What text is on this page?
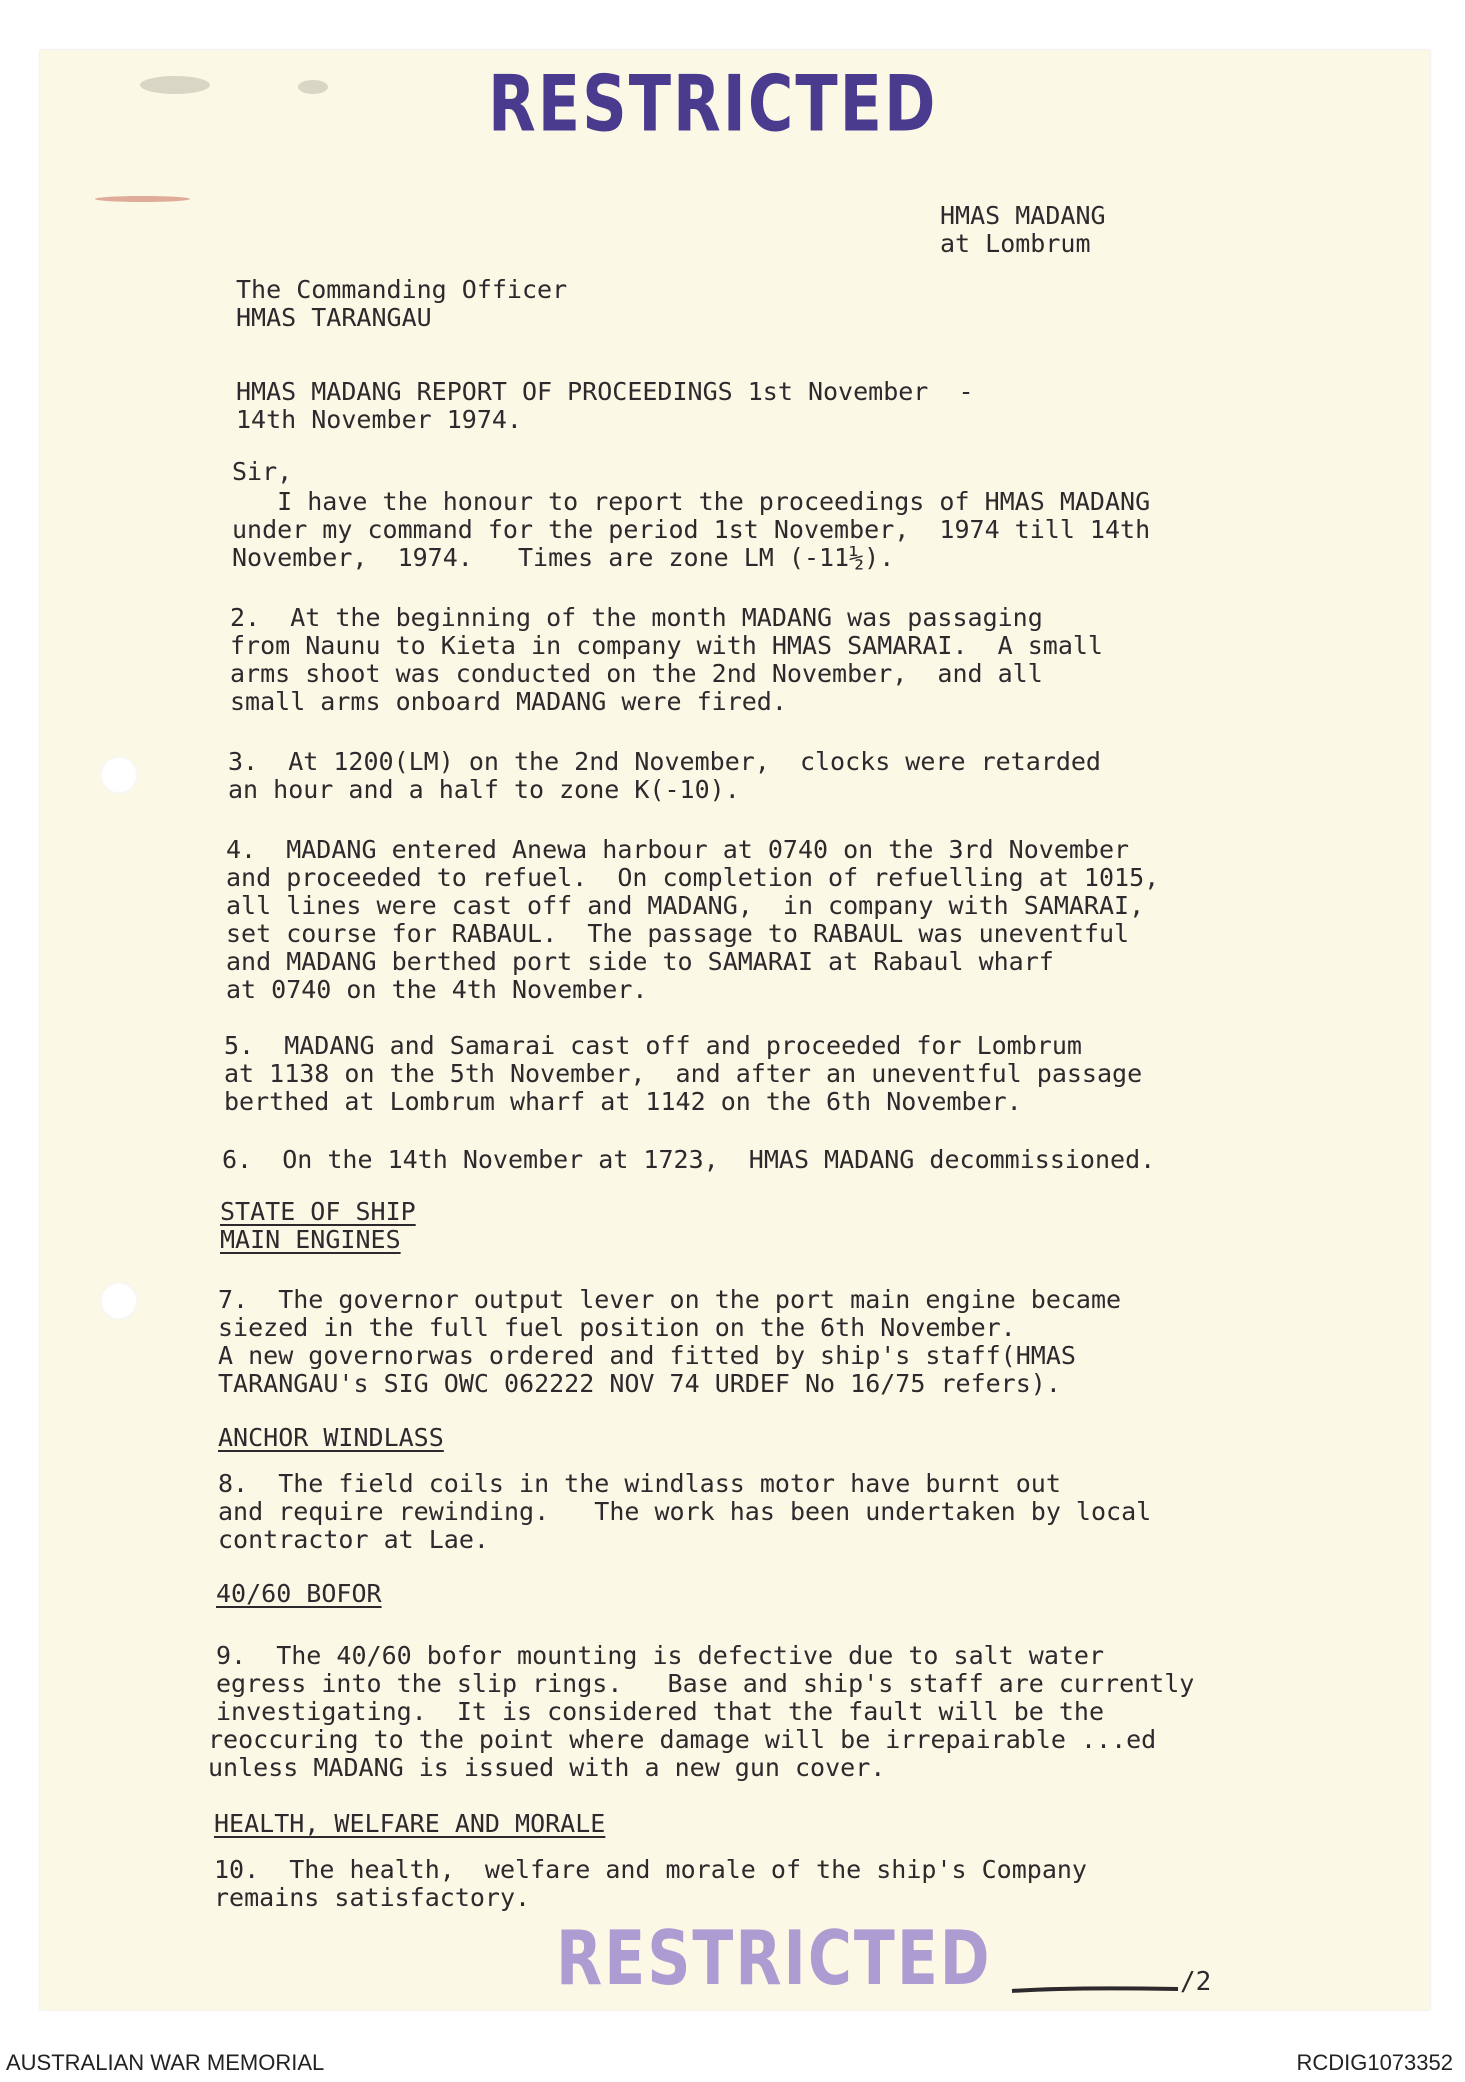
RESTRICTED
RESTRICTED

HMAS MADANG

at Lombrum

The Commanding Officer

HMAS TARANGAU

HMAS MADANG REPORT OF PROCEEDINGS 1st November  -

14th November 1974.

Sir,

I have the honour to report the proceedings of HMAS MADANG

under my command for the period 1st November,  1974 till 14th

November,  1974.   Times are zone LM (-11½).

2.  At the beginning of the month MADANG was passaging

from Naunu to Kieta in company with HMAS SAMARAI.  A small

arms shoot was conducted on the 2nd November,  and all

small arms onboard MADANG were fired.

3.  At 1200(LM) on the 2nd November,  clocks were retarded

an hour and a half to zone K(-10).

4.  MADANG entered Anewa harbour at 0740 on the 3rd November

and proceeded to refuel.  On completion of refuelling at 1015,

all lines were cast off and MADANG,  in company with SAMARAI,

set course for RABAUL.  The passage to RABAUL was uneventful

and MADANG berthed port side to SAMARAI at Rabaul wharf

at 0740 on the 4th November.

5.  MADANG and Samarai cast off and proceeded for Lombrum

at 1138 on the 5th November,  and after an uneventful passage

berthed at Lombrum wharf at 1142 on the 6th November.

6.  On the 14th November at 1723,  HMAS MADANG decommissioned.

STATE OF SHIP

MAIN ENGINES

7.  The governor output lever on the port main engine became

siezed in the full fuel position on the 6th November.

A new governorwas ordered and fitted by ship's staff(HMAS

TARANGAU's SIG OWC 062222 NOV 74 URDEF No 16/75 refers).

ANCHOR WINDLASS

8.  The field coils in the windlass motor have burnt out

and require rewinding.   The work has been undertaken by local

contractor at Lae.

40/60 BOFOR

9.  The 40/60 bofor mounting is defective due to salt water

egress into the slip rings.   Base and ship's staff are currently

investigating.  It is considered that the fault will be the

reoccuring to the point where damage will be irrepairable ...ed

unless MADANG is issued with a new gun cover.

HEALTH, WELFARE AND MORALE

10.  The health,  welfare and morale of the ship's Company

remains satisfactory.

/2

AUSTRALIAN WAR MEMORIAL	RCDIG1073352
